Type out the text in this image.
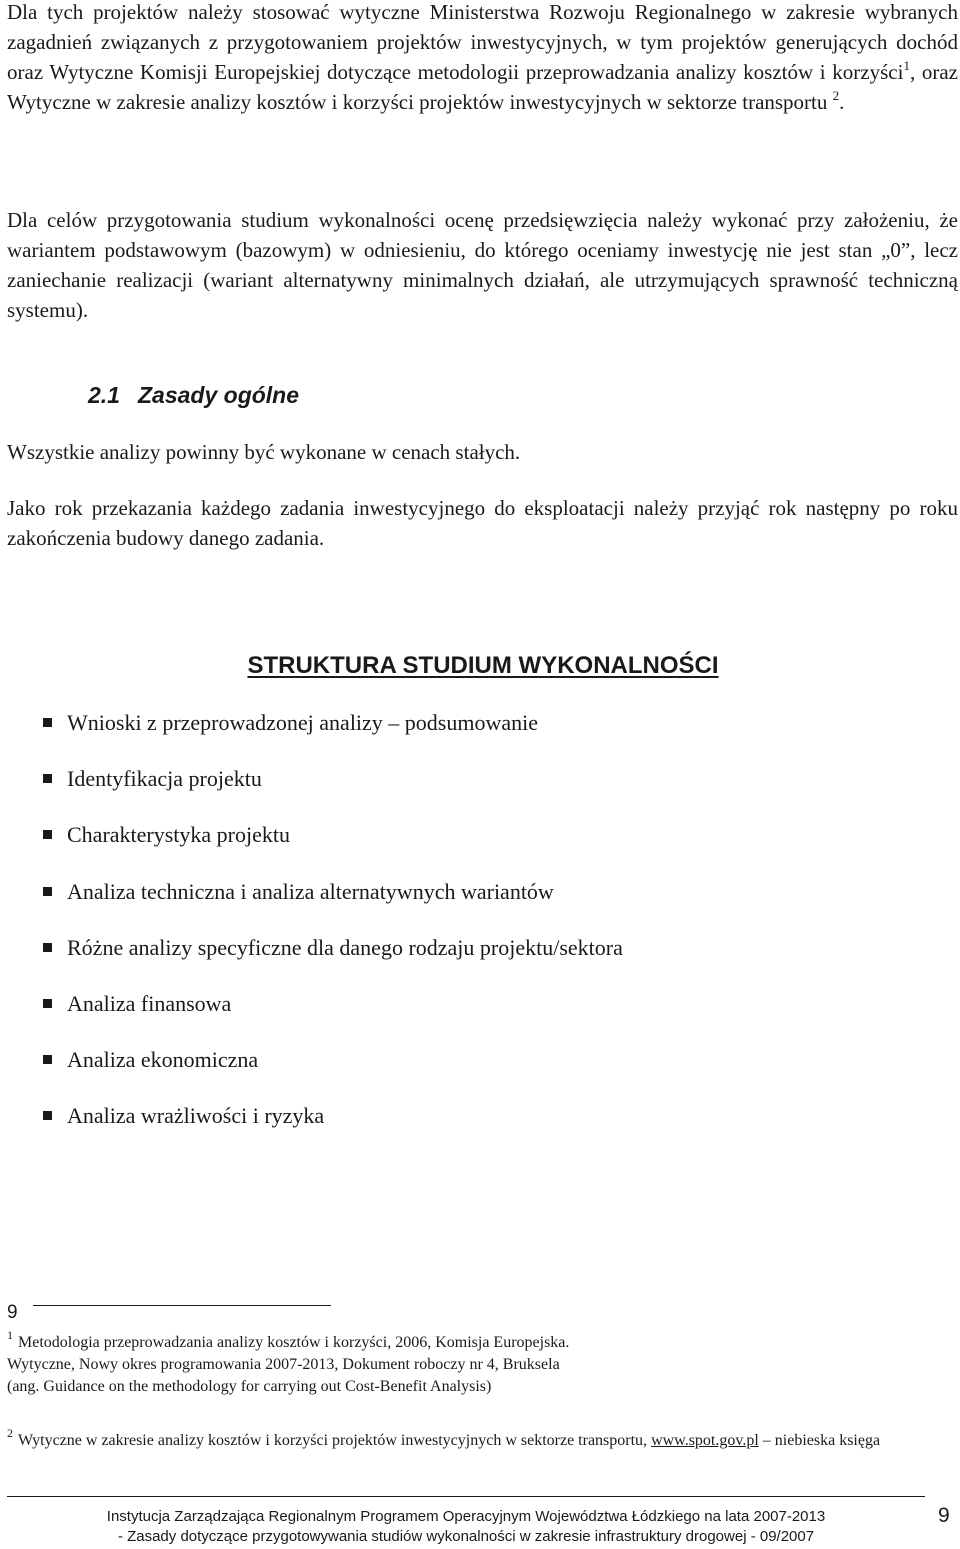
Dla tych projektów należy stosować wytyczne Ministerstwa Rozwoju Regionalnego w zakresie wybranych zagadnień związanych z przygotowaniem projektów inwestycyjnych, w tym projektów generujących dochód oraz Wytyczne Komisji Europejskiej dotyczące metodologii przeprowadzania analizy kosztów i korzyści$^1$, oraz Wytyczne w zakresie analizy kosztów i korzyści projektów inwestycyjnych w sektorze transportu $^2$.

Dla celów przygotowania studium wykonalności ocenę przedsięwzięcia należy wykonać przy założeniu, że wariantem podstawowym (bazowym) w odniesieniu, do którego oceniamy inwestycję nie jest stan „0”, lecz zaniechanie realizacji (wariant alternatywny minimalnych działań, ale utrzymujących sprawność techniczną systemu).

2.1 Zasady ogólne

Wszystkie analizy powinny być wykonane w cenach stałych.

Jako rok przekazania każdego zadania inwestycyjnego do eksploatacji należy przyjąć rok następny po roku zakończenia budowy danego zadania.

STRUKTURA STUDIUM WYKONALNOŚCI
Wnioski z przeprowadzonej analizy – podsumowanie
Identyfikacja projektu
Charakterystyka projektu
Analiza techniczna i analiza alternatywnych wariantów
Różne analizy specyficzne dla danego rodzaju projektu/sektora
Analiza finansowa
Analiza ekonomiczna
Analiza wrażliwości i ryzyka

9

$^1$ Metodologia przeprowadzania analizy kosztów i korzyści, 2006, Komisja Europejska.
Wytyczne, Nowy okres programowania 2007-2013, Dokument roboczy nr 4, Bruksela
(ang. Guidance on the methodology for carrying out Cost-Benefit Analysis)

$^2$ Wytyczne w zakresie analizy kosztów i korzyści projektów inwestycyjnych w sektorze transportu, www.spot.gov.pl – niebieska księga

Instytucja Zarządzająca Regionalnym Programem Operacyjnym Województwa Łódzkiego na lata 2007-2013

- Zasady dotyczące przygotowywania studiów wykonalności w zakresie infrastruktury drogowej - 09/2007

9
